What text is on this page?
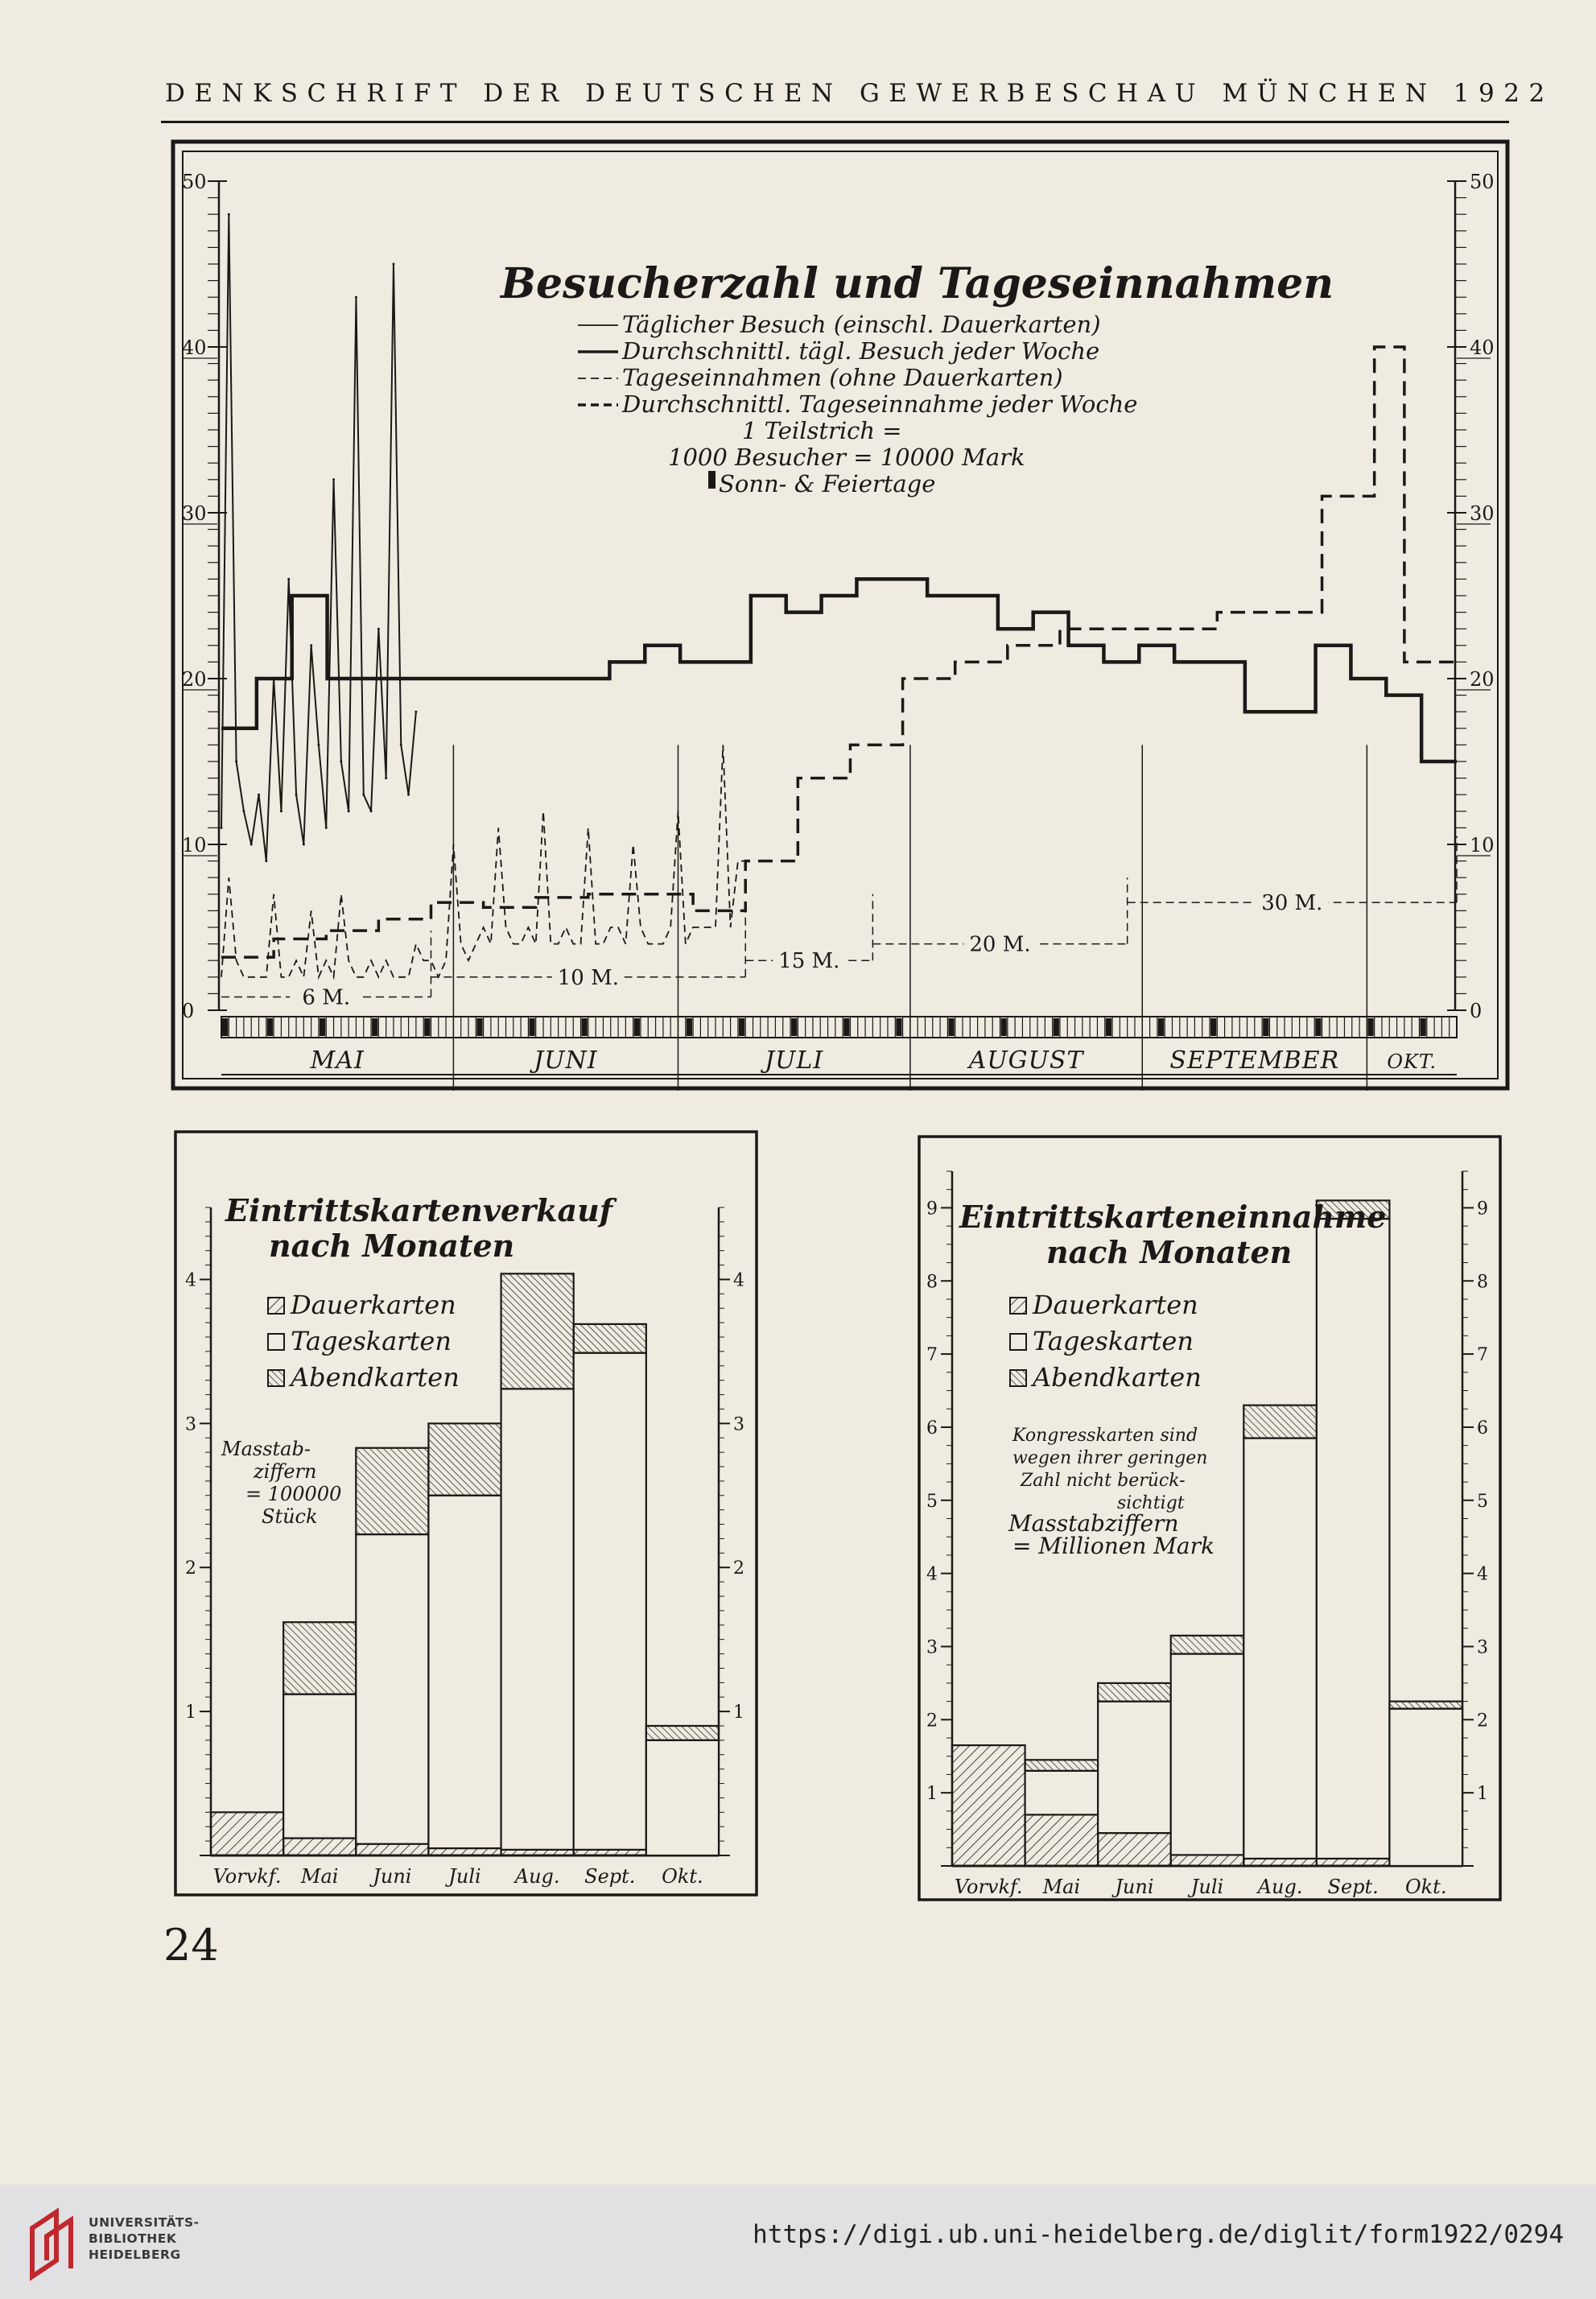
DENKSCHRIFT DER DEUTSCHEN GEWERBESCHAU MÜNCHEN 1922
0	0
10	10
20	20
30	30
40	40
50	50
MAI	JUNI	JULI	AUGUST	SEPTEMBER OKT.
6 M.
10 M.
15 M.
20 M.
30 M.
Besucherzahl und Tageseinnahmen
Täglicher Besuch (einschl. Dauerkarten)
Durchschnittl. tägl. Besuch jeder Woche
Tageseinnahmen (ohne Dauerkarten)
Durchschnittl. Tageseinnahme jeder Woche
1 Teilstrich =
1000 Besucher = 10000 Mark
Sonn- & Feiertage
1	1
2	2
3	3
4	4
Vorvkf. Mai Juni Juli Aug. Sept. Okt.
Eintrittskartenverkauf
nach Monaten
Dauerkarten
Tageskarten
Abendkarten
Masstab-
ziffern
= 100000
Stück
1	1
2	2
3	3
4	4
5	5
6	6
7	7
8	8
9	9
Vorvkf. Mai Juni Juli Aug. Sept. Okt.
Eintrittskarteneinnahme
nach Monaten
Dauerkarten
Tageskarten
Abendkarten
Kongresskarten sind
wegen ihrer geringen
Zahl nicht berück-
sichtigt
Masstabziffern
= Millionen Mark
24
UNIVERSITÄTS-
BIBLIOTHEK
HEIDELBERG
https://digi.ub.uni-heidelberg.de/diglit/form1922/0294
